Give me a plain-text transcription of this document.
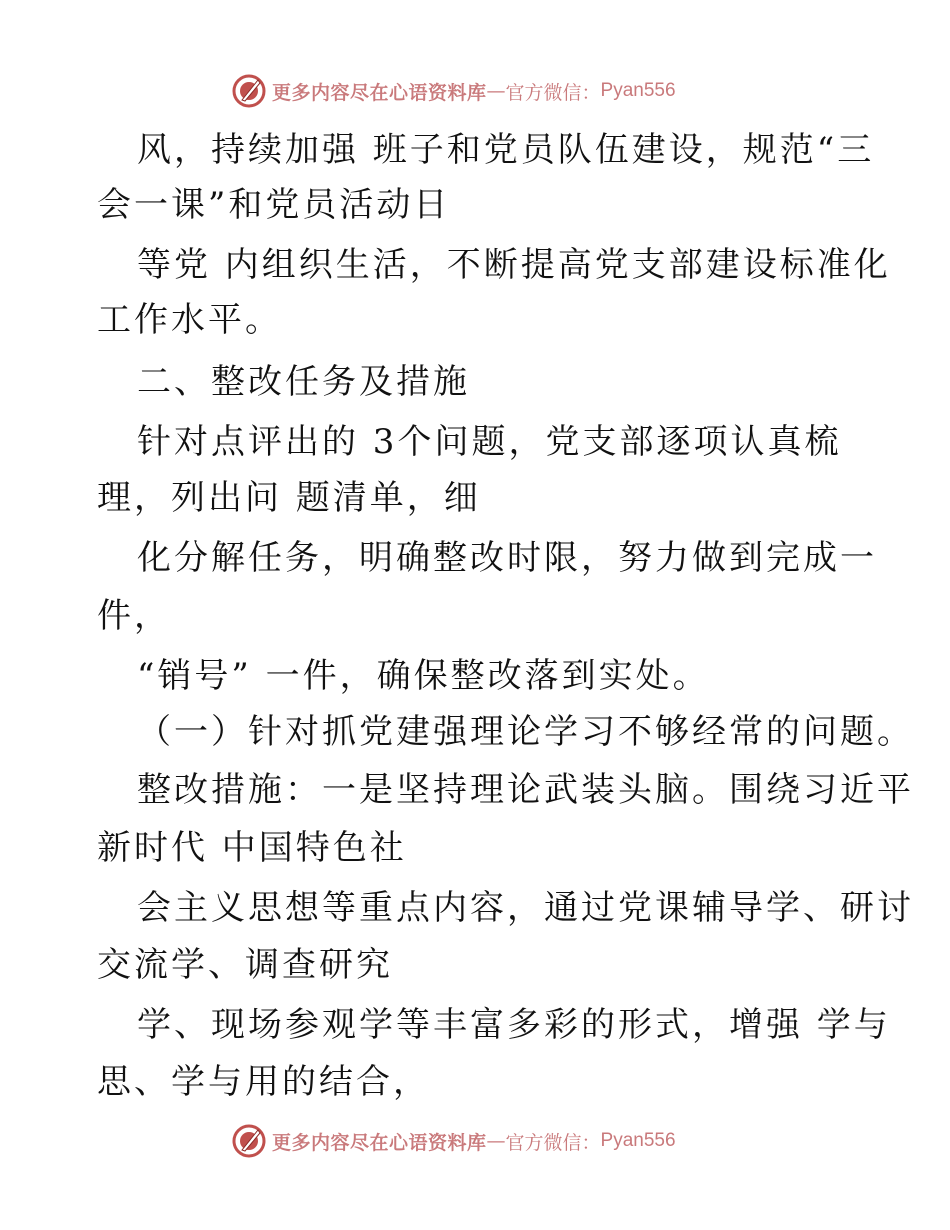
更多内容尽在心语资料库 — 官方微信： Pyan556
风，持续加强 班子和党员队伍建设，规范“三
会一课”和党员活动日
等党 内组织生活，不断提高党支部建设标准化
工作水平。
二、整改任务及措施
针对点评出的 3个问题，党支部逐项认真梳
理，列出问 题清单，细
化分解任务，明确整改时限，努力做到完成一
件，
“销号” 一件，确保整改落到实处。
（一）针对抓党建强理论学习不够经常的问题。
整改措施：一是坚持理论武装头脑。围绕习近平
新时代 中国特色社
会主义思想等重点内容，通过党课辅导学、研讨
交流学、调查研究
学、现场参观学等丰富多彩的形式，增强 学与
思、学与用的结合，
更多内容尽在心语资料库 — 官方微信： Pyan556
